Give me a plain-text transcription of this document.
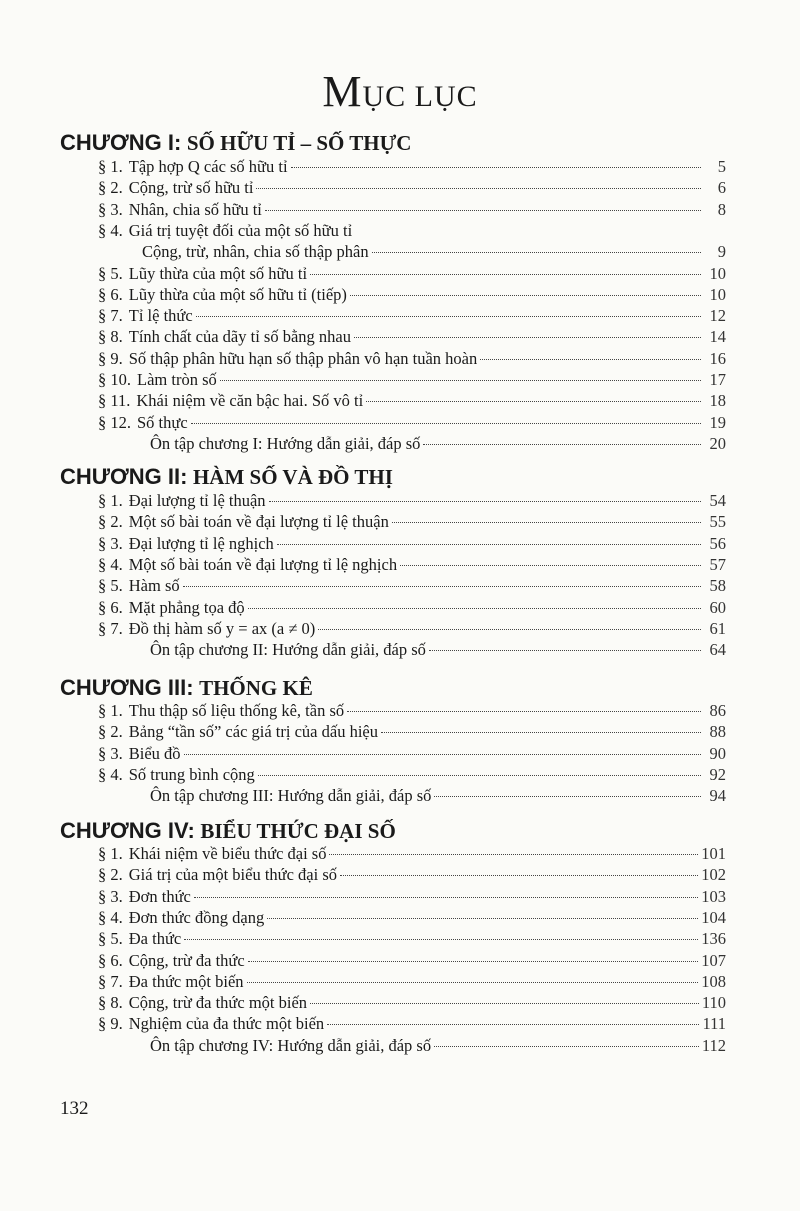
MỤC LỤC
CHƯƠNG I: SỐ HỮU TỈ – SỐ THỰC
§ 1. Tập hợp Q các số hữu tỉ	5
§ 2. Cộng, trừ số hữu tỉ	6
§ 3. Nhân, chia số hữu tỉ	8
§ 4. Giá trị tuyệt đối của một số hữu tỉ
Cộng, trừ, nhân, chia số thập phân	9
§ 5. Lũy thừa của một số hữu tỉ	10
§ 6. Lũy thừa của một số hữu tỉ (tiếp)	10
§ 7. Tỉ lệ thức	12
§ 8. Tính chất của dãy tỉ số bằng nhau	14
§ 9. Số thập phân hữu hạn số thập phân vô hạn tuần hoàn	16
§ 10. Làm tròn số	17
§ 11. Khái niệm về căn bậc hai. Số vô tỉ	18
§ 12. Số thực	19
Ôn tập chương I: Hướng dẫn giải, đáp số	20
CHƯƠNG II: HÀM SỐ VÀ ĐỒ THỊ
§ 1. Đại lượng tỉ lệ thuận	54
§ 2. Một số bài toán về đại lượng tỉ lệ thuận	55
§ 3. Đại lượng tỉ lệ nghịch	56
§ 4. Một số bài toán về đại lượng tỉ lệ nghịch	57
§ 5. Hàm số	58
§ 6. Mặt phẳng tọa độ	60
§ 7. Đồ thị hàm số y = ax (a ≠ 0)	61
Ôn tập chương II: Hướng dẫn giải, đáp số	64
CHƯƠNG III: THỐNG KÊ
§ 1. Thu thập số liệu thống kê, tần số	86
§ 2. Bảng “tần số” các giá trị của dấu hiệu	88
§ 3. Biểu đồ	90
§ 4. Số trung bình cộng	92
Ôn tập chương III: Hướng dẫn giải, đáp số	94
CHƯƠNG IV: BIỂU THỨC ĐẠI SỐ
§ 1. Khái niệm về biểu thức đại số	101
§ 2. Giá trị của một biểu thức đại số	102
§ 3. Đơn thức	103
§ 4. Đơn thức đồng dạng	104
§ 5. Đa thức	136
§ 6. Cộng, trừ đa thức	107
§ 7. Đa thức một biến	108
§ 8. Cộng, trừ đa thức một biến	110
§ 9. Nghiệm của đa thức một biến	111
Ôn tập chương IV: Hướng dẫn giải, đáp số	112
132
